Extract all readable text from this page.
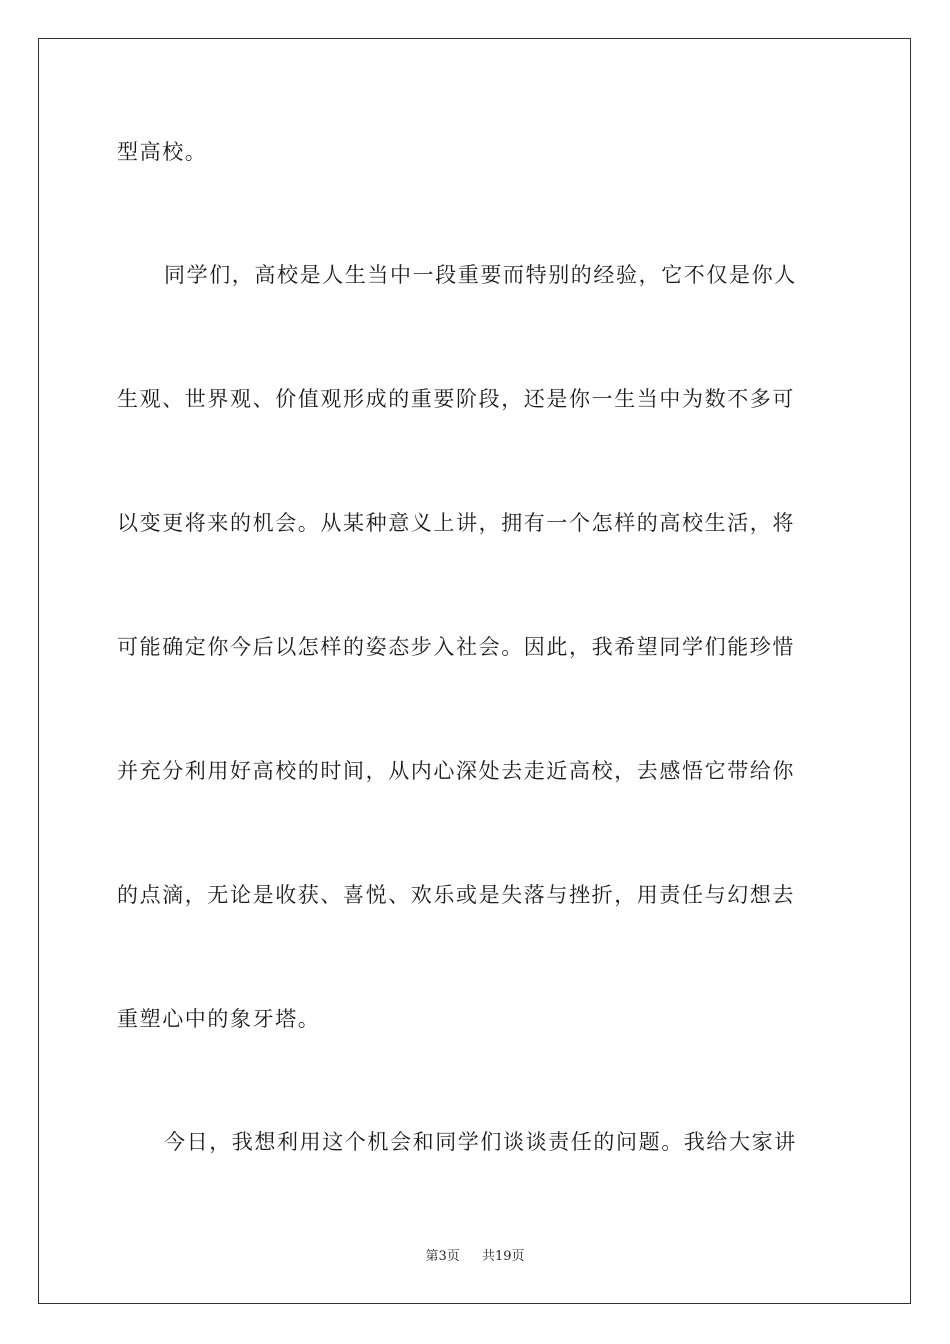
型高校。
同学们，高校是人生当中一段重要而特别的经验，它不仅是你人
生观、世界观、价值观形成的重要阶段，还是你一生当中为数不多可
以变更将来的机会。从某种意义上讲，拥有一个怎样的高校生活，将
可能确定你今后以怎样的姿态步入社会。因此，我希望同学们能珍惜
并充分利用好高校的时间，从内心深处去走近高校，去感悟它带给你
的点滴，无论是收获、喜悦、欢乐或是失落与挫折，用责任与幻想去
重塑心中的象牙塔。
今日，我想利用这个机会和同学们谈谈责任的问题。我给大家讲
第3页 共19页
